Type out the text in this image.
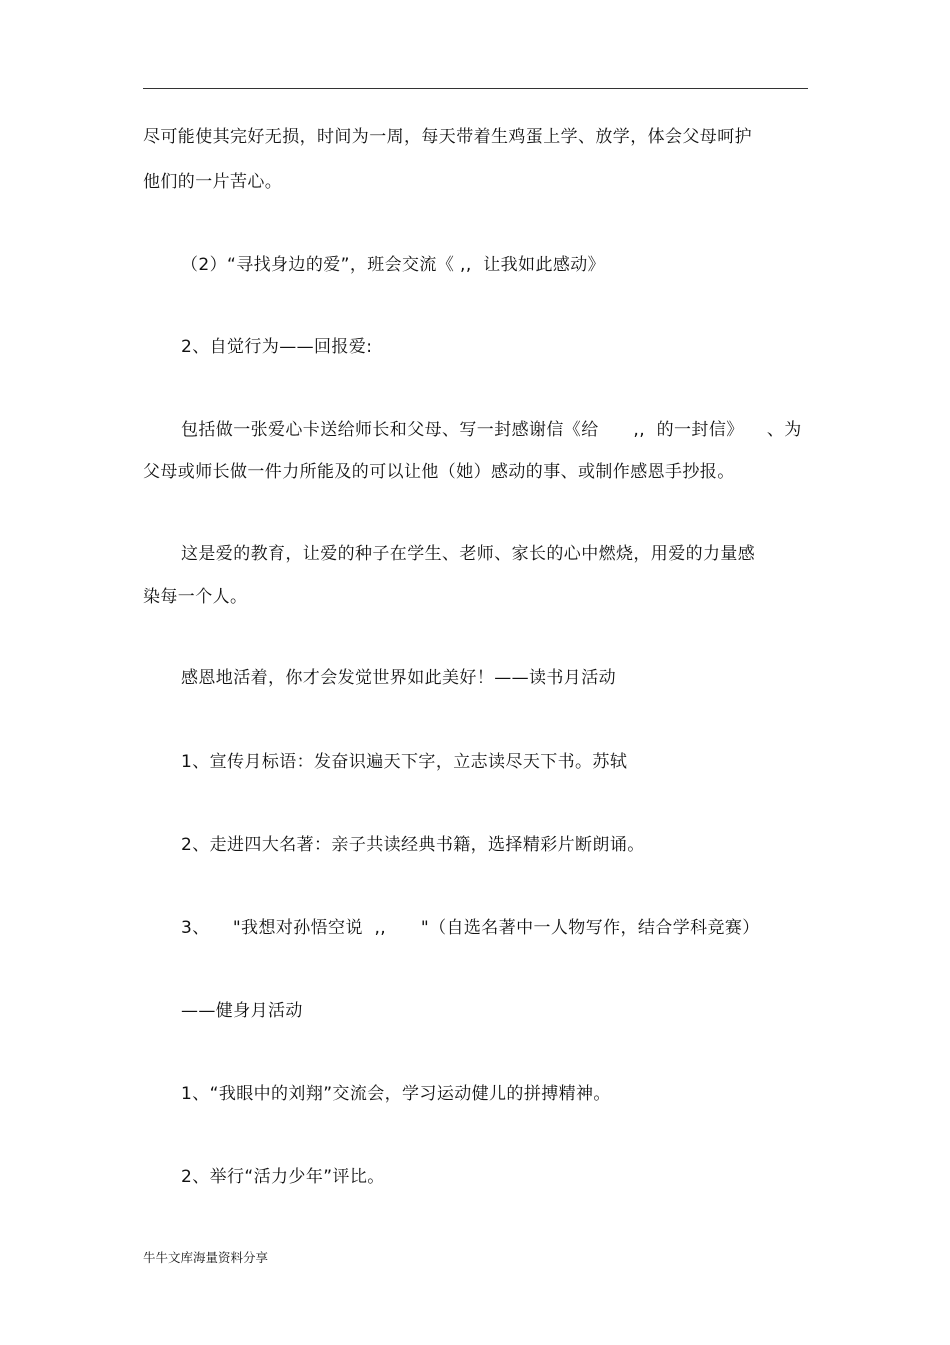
尽可能使其完好无损，时间为一周，每天带着生鸡蛋上学、放学，体会父母呵护
他们的一片苦心。
（2）“寻找身边的爱”，班会交流《 ,,  让我如此感动》
2、自觉行为——回报爱:
包括做一张爱心卡送给师长和父母、写一封感谢信《给      ,,  的一封信》    、为
父母或师长做一件力所能及的可以让他（她）感动的事、或制作感恩手抄报。
这是爱的教育，让爱的种子在学生、老师、家长的心中燃烧，用爱的力量感
染每一个人。
感恩地活着，你才会发觉世界如此美好！——读书月活动
1、宣传月标语：发奋识遍天下字，立志读尽天下书。苏轼
2、走进四大名著：亲子共读经典书籍，选择精彩片断朗诵。
3、    "我想对孙悟空说  ,,      "（自选名著中一人物写作，结合学科竞赛）
——健身月活动
1、“我眼中的刘翔”交流会，学习运动健儿的拼搏精神。
2、举行“活力少年”评比。
牛牛文库海量资料分享
